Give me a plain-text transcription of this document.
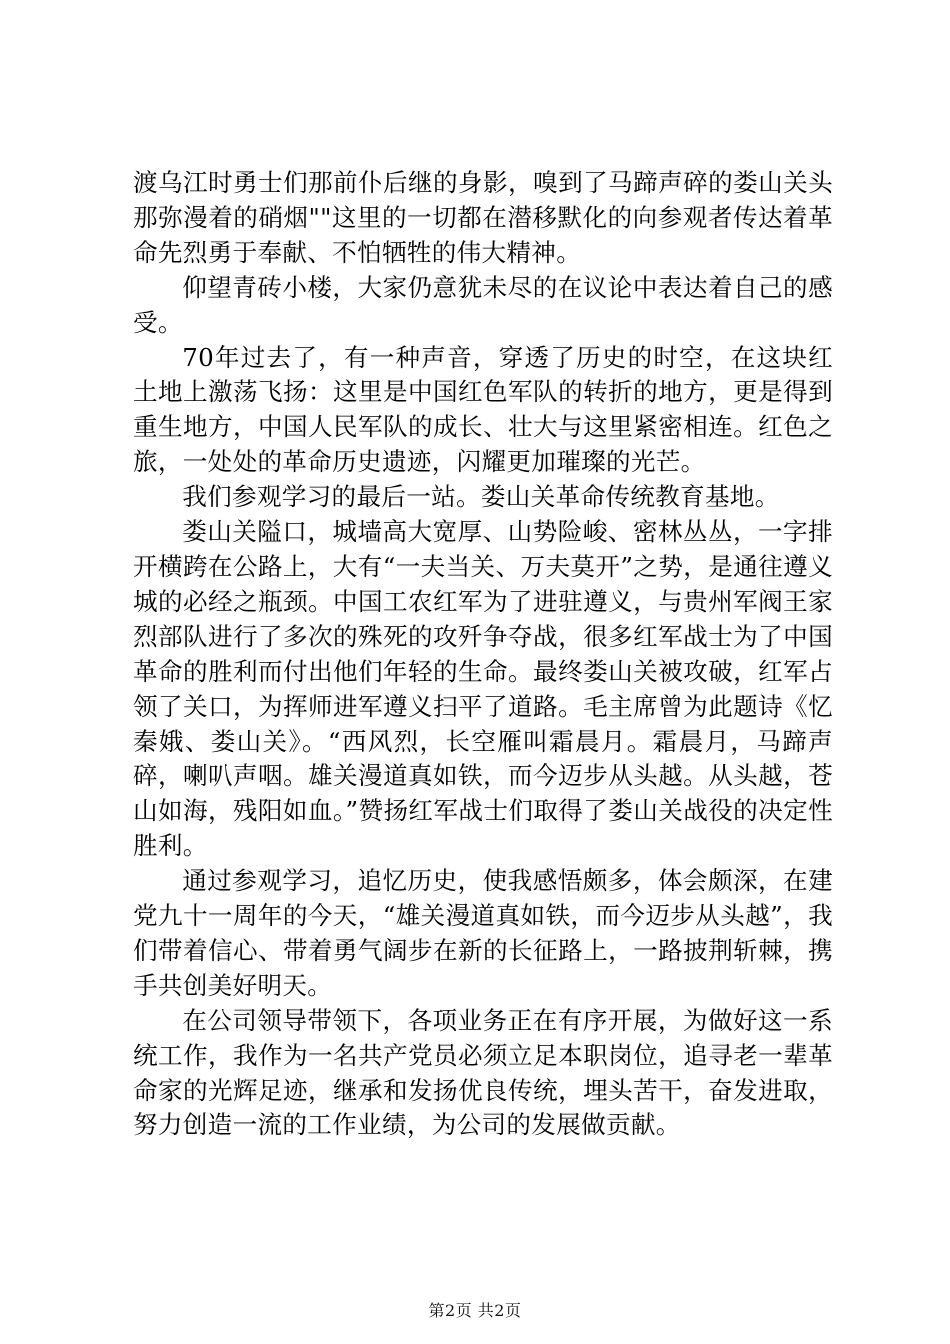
渡乌江时勇士们那前仆后继的身影，嗅到了马蹄声碎的娄山关头那弥漫着的硝烟""这里的一切都在潜移默化的向参观者传达着革命先烈勇于奉献、不怕牺牲的伟大精神。

仰望青砖小楼，大家仍意犹未尽的在议论中表达着自己的感受。

70年过去了，有一种声音，穿透了历史的时空，在这块红土地上激荡飞扬：这里是中国红色军队的转折的地方，更是得到重生地方，中国人民军队的成长、壮大与这里紧密相连。红色之旅，一处处的革命历史遗迹，闪耀更加璀璨的光芒。

我们参观学习的最后一站。娄山关革命传统教育基地。

娄山关隘口，城墙高大宽厚、山势险峻、密林丛丛，一字排开横跨在公路上，大有“一夫当关、万夫莫开”之势，是通往遵义城的必经之瓶颈。中国工农红军为了进驻遵义，与贵州军阀王家烈部队进行了多次的殊死的攻歼争夺战，很多红军战士为了中国革命的胜利而付出他们年轻的生命。最终娄山关被攻破，红军占领了关口，为挥师进军遵义扫平了道路。毛主席曾为此题诗《忆秦娥、娄山关》。“西风烈，长空雁叫霜晨月。霜晨月，马蹄声碎，喇叭声咽。雄关漫道真如铁，而今迈步从头越。从头越，苍山如海，残阳如血。”赞扬红军战士们取得了娄山关战役的决定性胜利。

通过参观学习，追忆历史，使我感悟颇多，体会颇深，在建党九十一周年的今天，“雄关漫道真如铁，而今迈步从头越”，我们带着信心、带着勇气阔步在新的长征路上，一路披荆斩棘，携手共创美好明天。

在公司领导带领下，各项业务正在有序开展，为做好这一系统工作，我作为一名共产党员必须立足本职岗位，追寻老一辈革命家的光辉足迹，继承和发扬优良传统，埋头苦干，奋发进取，努力创造一流的工作业绩，为公司的发展做贡献。

第2页 共2页
